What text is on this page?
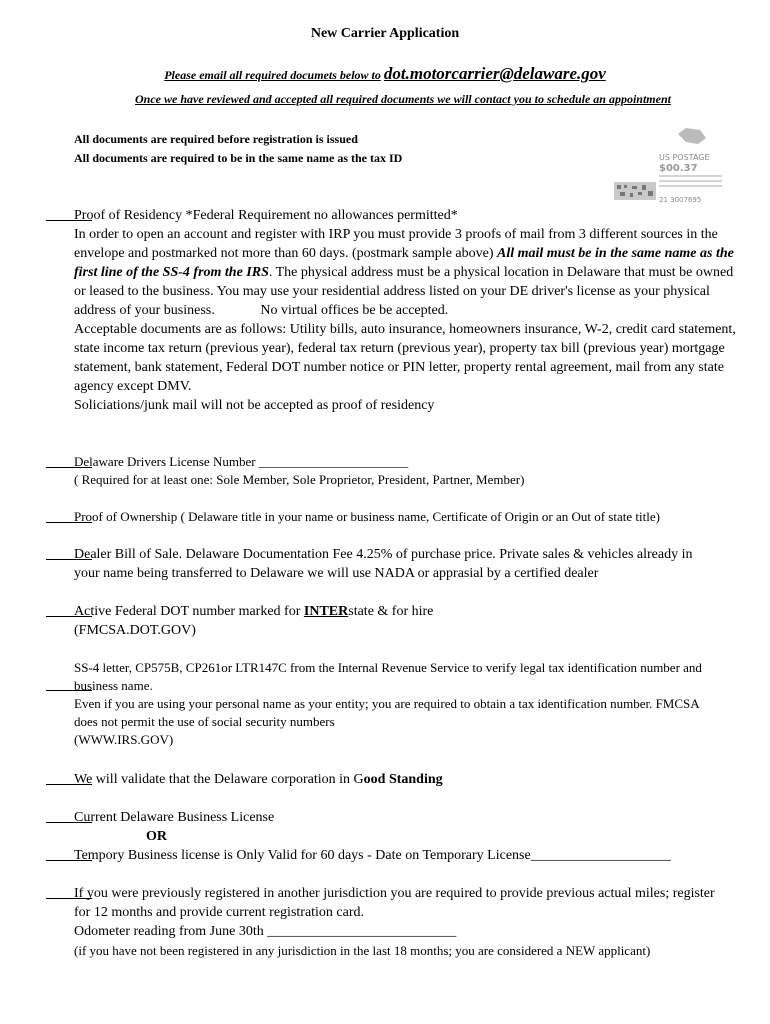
New Carrier Application
Please email all required documets below to dot.motorcarrier@delaware.gov
Once we have reviewed and accepted all required documents we will contact you to schedule an appointment
All documents are required before registration is issued
All documents are required to be in the same name as the tax ID	US POSTAGE
$00.37
21 3007695
Proof of Residency *Federal Requirement no allowances permitted*
In order to open an account and register with IRP you must provide 3 proofs of mail from 3 different sources in the envelope and postmarked not more than 60 days. (postmark sample above) All mail must be in the same name as the first line of the SS-4 from the IRS. The physical address must be a physical location in Delaware that must be owned or leased to the business. You may use your residential address listed on your DE driver's license as your physical address of your business.	No virtual offices be be accepted.
Acceptable documents are as follows: Utility bills, auto insurance, homeowners insurance, W-2, credit card statement, state income tax return (previous year), federal tax return (previous year), property tax bill (previous year) mortgage statement, bank statement, Federal DOT number notice or PIN letter, property rental agreement, mail from any state agency except DMV.
Soliciations/junk mail will not be accepted as proof of residency
Delaware Drivers License Number _______________________
( Required for at least one: Sole Member, Sole Proprietor, President, Partner, Member)
Proof of Ownership ( Delaware title in your name or business name, Certificate of Origin or an Out of state title)
Dealer Bill of Sale. Delaware Documentation Fee 4.25% of purchase price. Private sales & vehicles already in your name being transferred to Delaware we will use NADA or apprasial by a certified dealer
Active Federal DOT number marked for INTERstate & for hire
(FMCSA.DOT.GOV)
SS-4 letter, CP575B, CP261or LTR147C from the Internal Revenue Service to verify legal tax identification number and business name.
Even if you are using your personal name as your entity; you are required to obtain a tax identification number. FMCSA does not permit the use of social security numbers
(WWW.IRS.GOV)
We will validate that the Delaware corporation in Good Standing
Current Delaware Business License
OR
Tempory Business license is Only Valid for 60 days - Date on Temporary License____________________
If you were previously registered in another jurisdiction you are required to provide previous actual miles; register for 12 months and provide current registration card.
Odometer reading from June 30th ___________________________
(if you have not been registered in any jurisdiction in the last 18 months; you are considered a NEW applicant)
